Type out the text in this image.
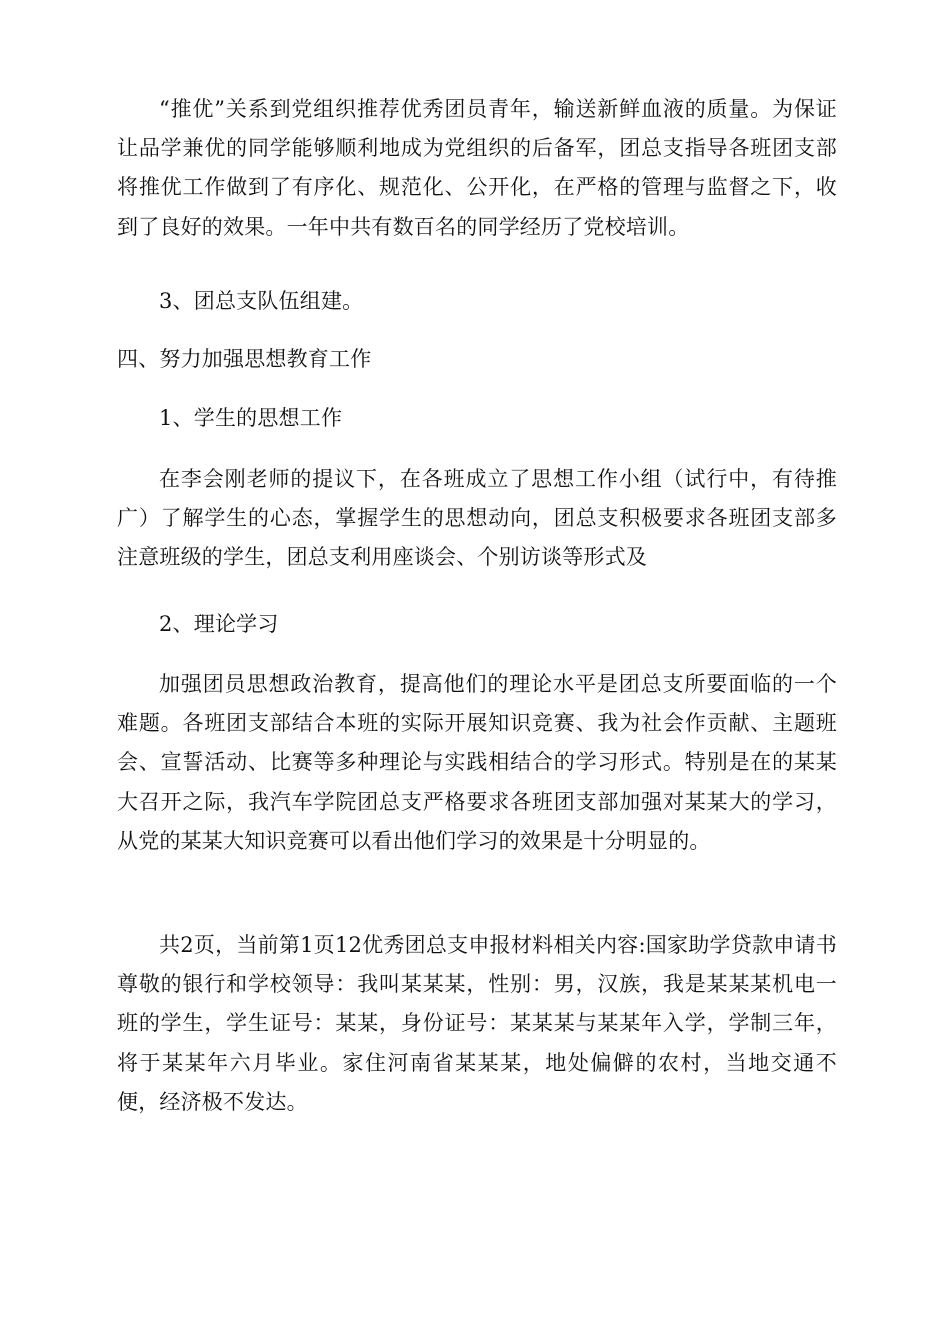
“推优”关系到党组织推荐优秀团员青年，输送新鲜血液的质量。为保证让品学兼优的同学能够顺利地成为党组织的后备军，团总支指导各班团支部将推优工作做到了有序化、规范化、公开化，在严格的管理与监督之下，收到了良好的效果。一年中共有数百名的同学经历了党校培训。

3、团总支队伍组建。

四、努力加强思想教育工作

1、学生的思想工作

在李会刚老师的提议下，在各班成立了思想工作小组（试行中，有待推广）了解学生的心态，掌握学生的思想动向，团总支积极要求各班团支部多注意班级的学生，团总支利用座谈会、个别访谈等形式及

2、理论学习

加强团员思想政治教育，提高他们的理论水平是团总支所要面临的一个难题。各班团支部结合本班的实际开展知识竞赛、我为社会作贡献、主题班会、宣誓活动、比赛等多种理论与实践相结合的学习形式。特别是在的某某大召开之际，我汽车学院团总支严格要求各班团支部加强对某某大的学习，从党的某某大知识竞赛可以看出他们学习的效果是十分明显的。

共2页，当前第1页12优秀团总支申报材料相关内容:国家助学贷款申请书尊敬的银行和学校领导：我叫某某某，性别：男，汉族，我是某某某机电一班的学生，学生证号：某某，身份证号：某某某与某某年入学，学制三年，将于某某年六月毕业。家住河南省某某某，地处偏僻的农村，当地交通不便，经济极不发达。
